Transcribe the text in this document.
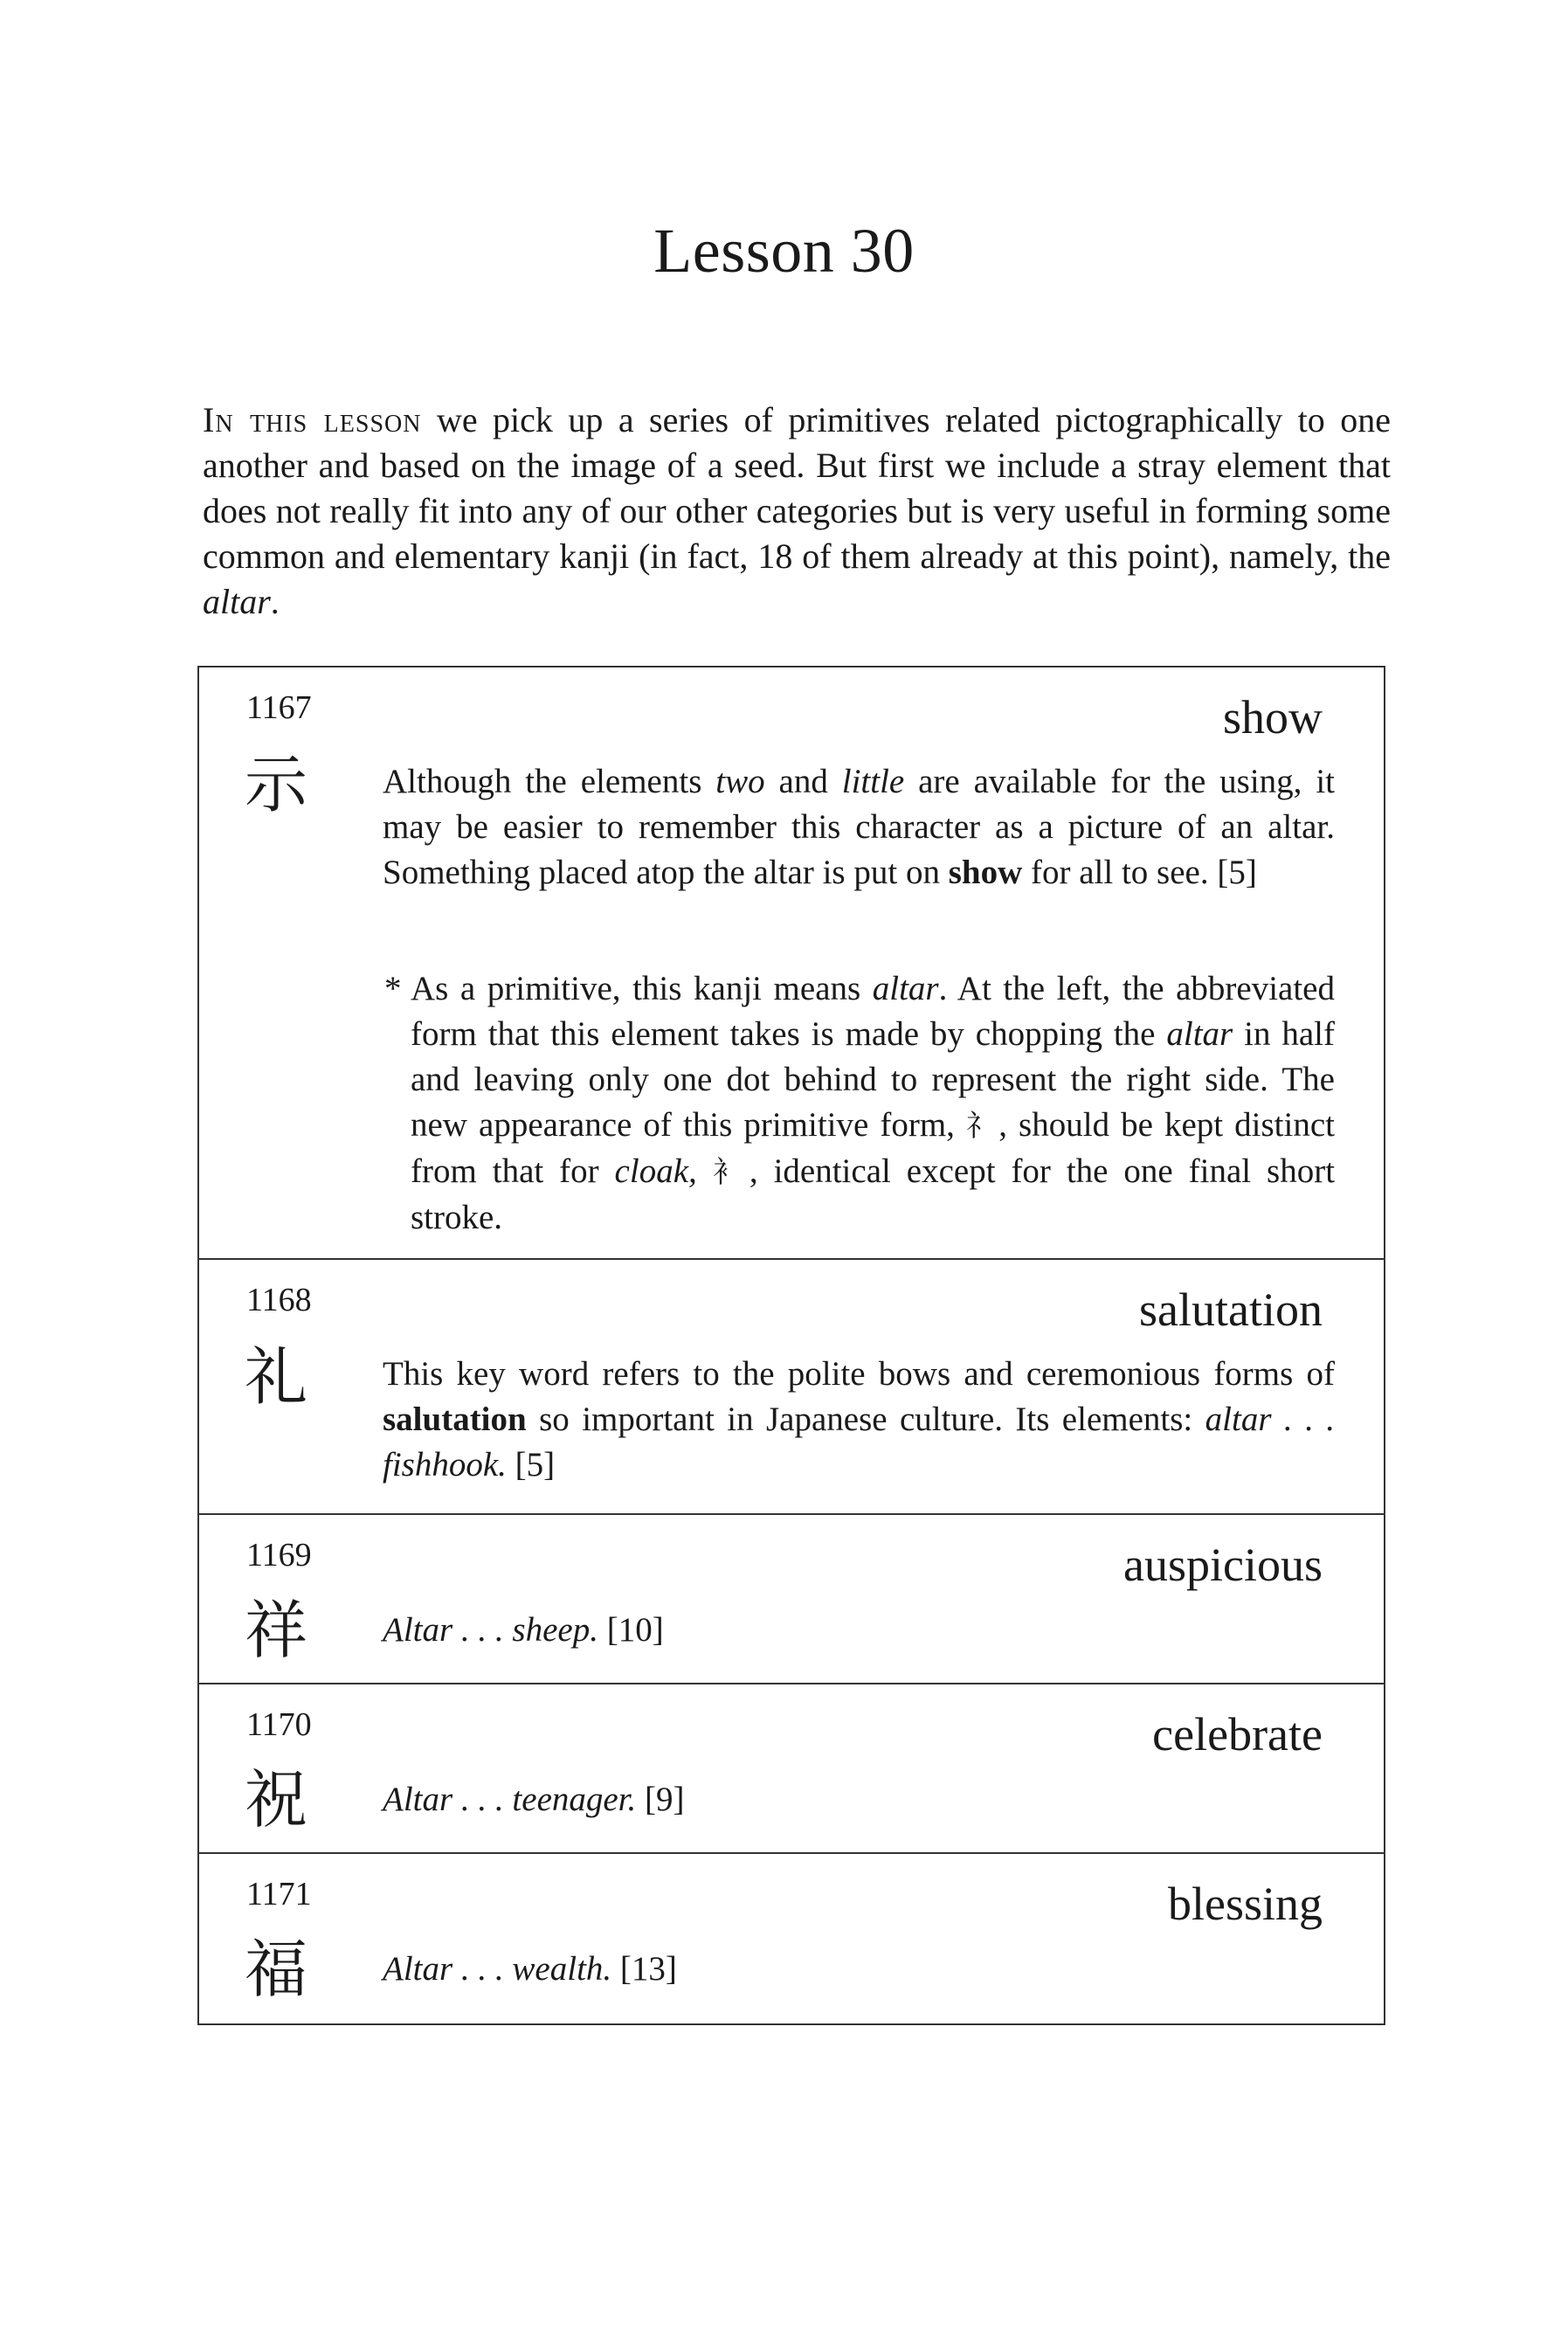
Lesson 30

In this lesson we pick up a series of primitives related pictographically to one another and based on the image of a seed. But first we include a stray element that does not really fit into any of our other categories but is very useful in forming some common and elementary kanji (in fact, 18 of them already at this point), namely, the altar.

1167
示
show

Although the elements two and little are available for the using, it may be easier to remember this character as a picture of an altar. Something placed atop the altar is put on show for all to see. [5]

* As a primitive, this kanji means altar. At the left, the abbreviated form that this element takes is made by chopping the altar in half and leaving only one dot behind to represent the right side. The new appearance of this primitive form, 礻, should be kept distinct from that for cloak, 衤, identical except for the one final short stroke.

1168
礼
salutation

This key word refers to the polite bows and ceremonious forms of salutation so important in Japanese culture. Its elements: altar . . . fishhook. [5]

1169
祥
auspicious

Altar . . . sheep. [10]

1170
祝
celebrate

Altar . . . teenager. [9]

1171
福
blessing

Altar . . . wealth. [13]
